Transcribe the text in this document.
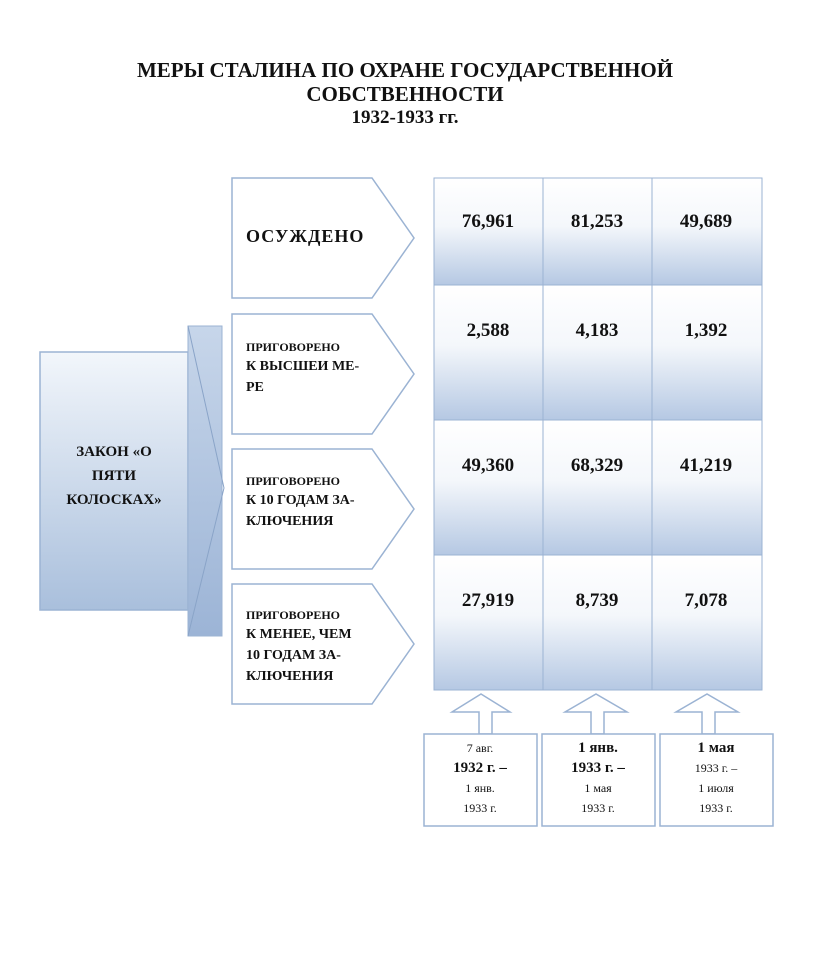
МЕРЫ СТАЛИНА ПО ОХРАНЕ ГОСУДАРСТВЕННОЙ
СОБСТВЕННОСТИ
1932-1933 гг.
ЗАКОН «О
ПЯТИ
КОЛОСКАХ»
ОСУЖДЕНО
ПРИГОВОРЕНО
К ВЫСШЕИ МЕ-
РЕ
ПРИГОВОРЕНО
К 10 ГОДАМ ЗА-
КЛЮЧЕНИЯ
ПРИГОВОРЕНО
К МЕНЕЕ, ЧЕМ
10 ГОДАМ ЗА-
КЛЮЧЕНИЯ
76,961	81,253	49,689
2,588	4,183	1,392
49,360	68,329	41,219
27,919	8,739	7,078
7 авг.
1932 г. –
1 янв.
1933 г.
1 янв.
1933 г. –
1 мая
1933 г.
1 мая
1933 г. –
1 июля
1933 г.
